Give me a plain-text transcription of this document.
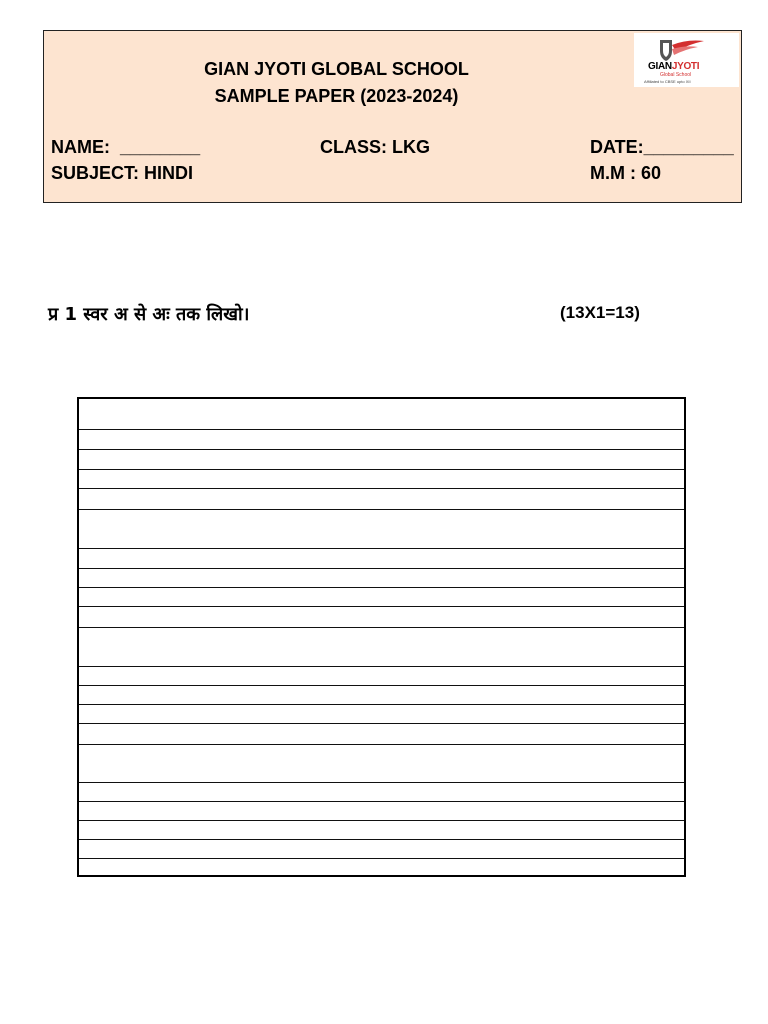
GIAN JYOTI GLOBAL SCHOOL
SAMPLE PAPER (2023-2024)
GIANJYOTI
Global School
Affiliated to CBSE upto XII
NAME:  ________	CLASS: LKG	DATE:_________
SUBJECT: HINDI	M.M : 60
प्र 1 स्वर अ से अः तक लिखो।	(13X1=13)
